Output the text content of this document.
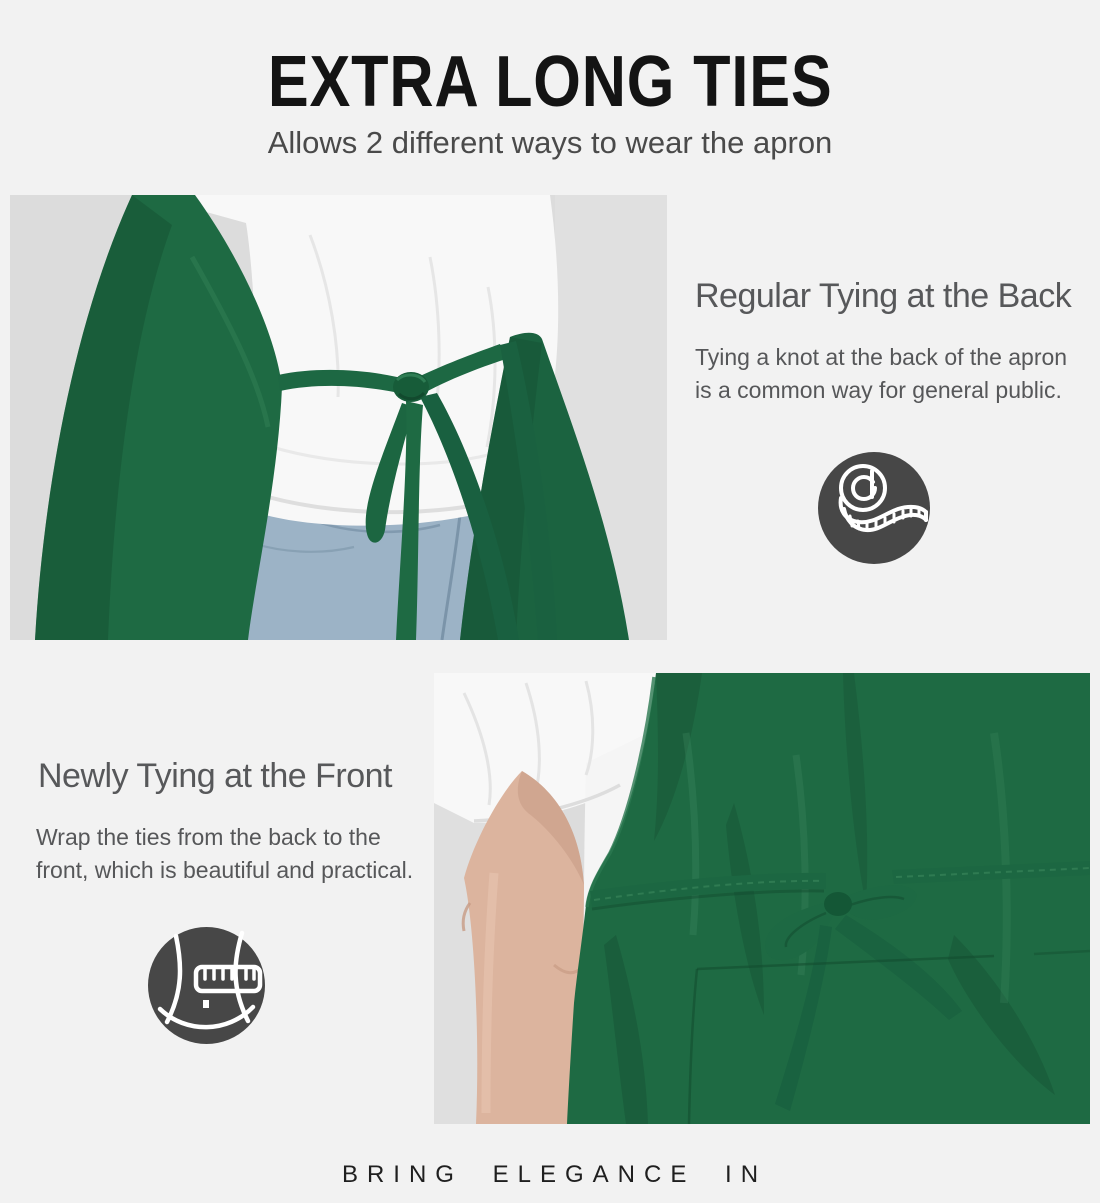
EXTRA LONG TIES
Allows 2 different ways to wear the apron
Regular Tying at the Back
Tying a knot at the back of the apron
is a common way for general public.
Newly Tying at the Front
Wrap the ties from the back to the
front, which is beautiful and practical.
BRING ELEGANCE IN
